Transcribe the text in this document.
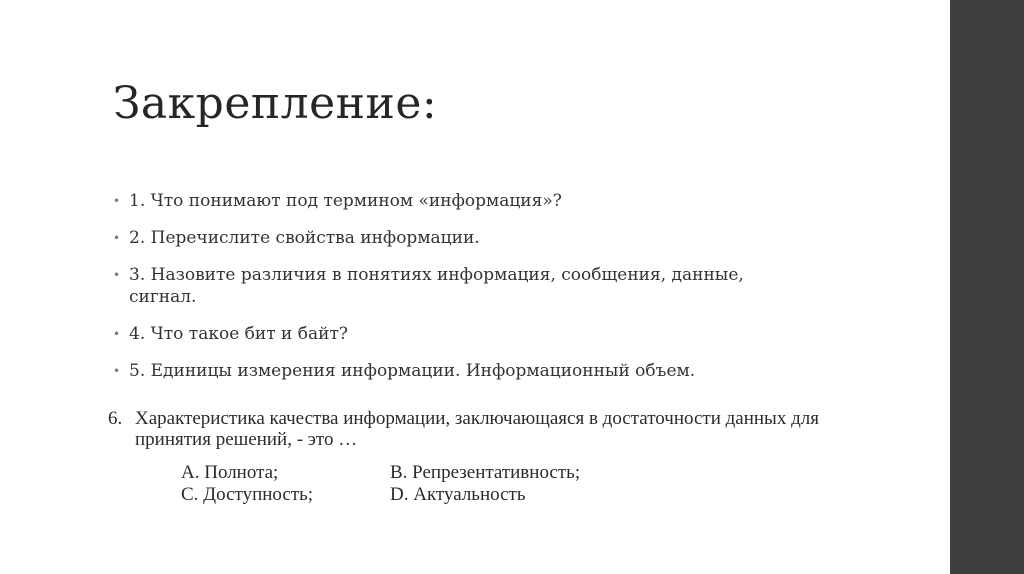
Закрепление:
• 1. Что понимают под термином «информация»?
• 2. Перечислите свойства информации.
• 3. Назовите различия в понятиях информация, сообщения, данные, сигнал.
• 4. Что такое бит и байт?
• 5. Единицы измерения информации. Информационный объем.
6. Характеристика качества информации, заключающаяся в достаточности данных для
принятия решений, - это …
A. Полнота;	B. Репрезентативность;
C. Доступность;	D. Актуальность
